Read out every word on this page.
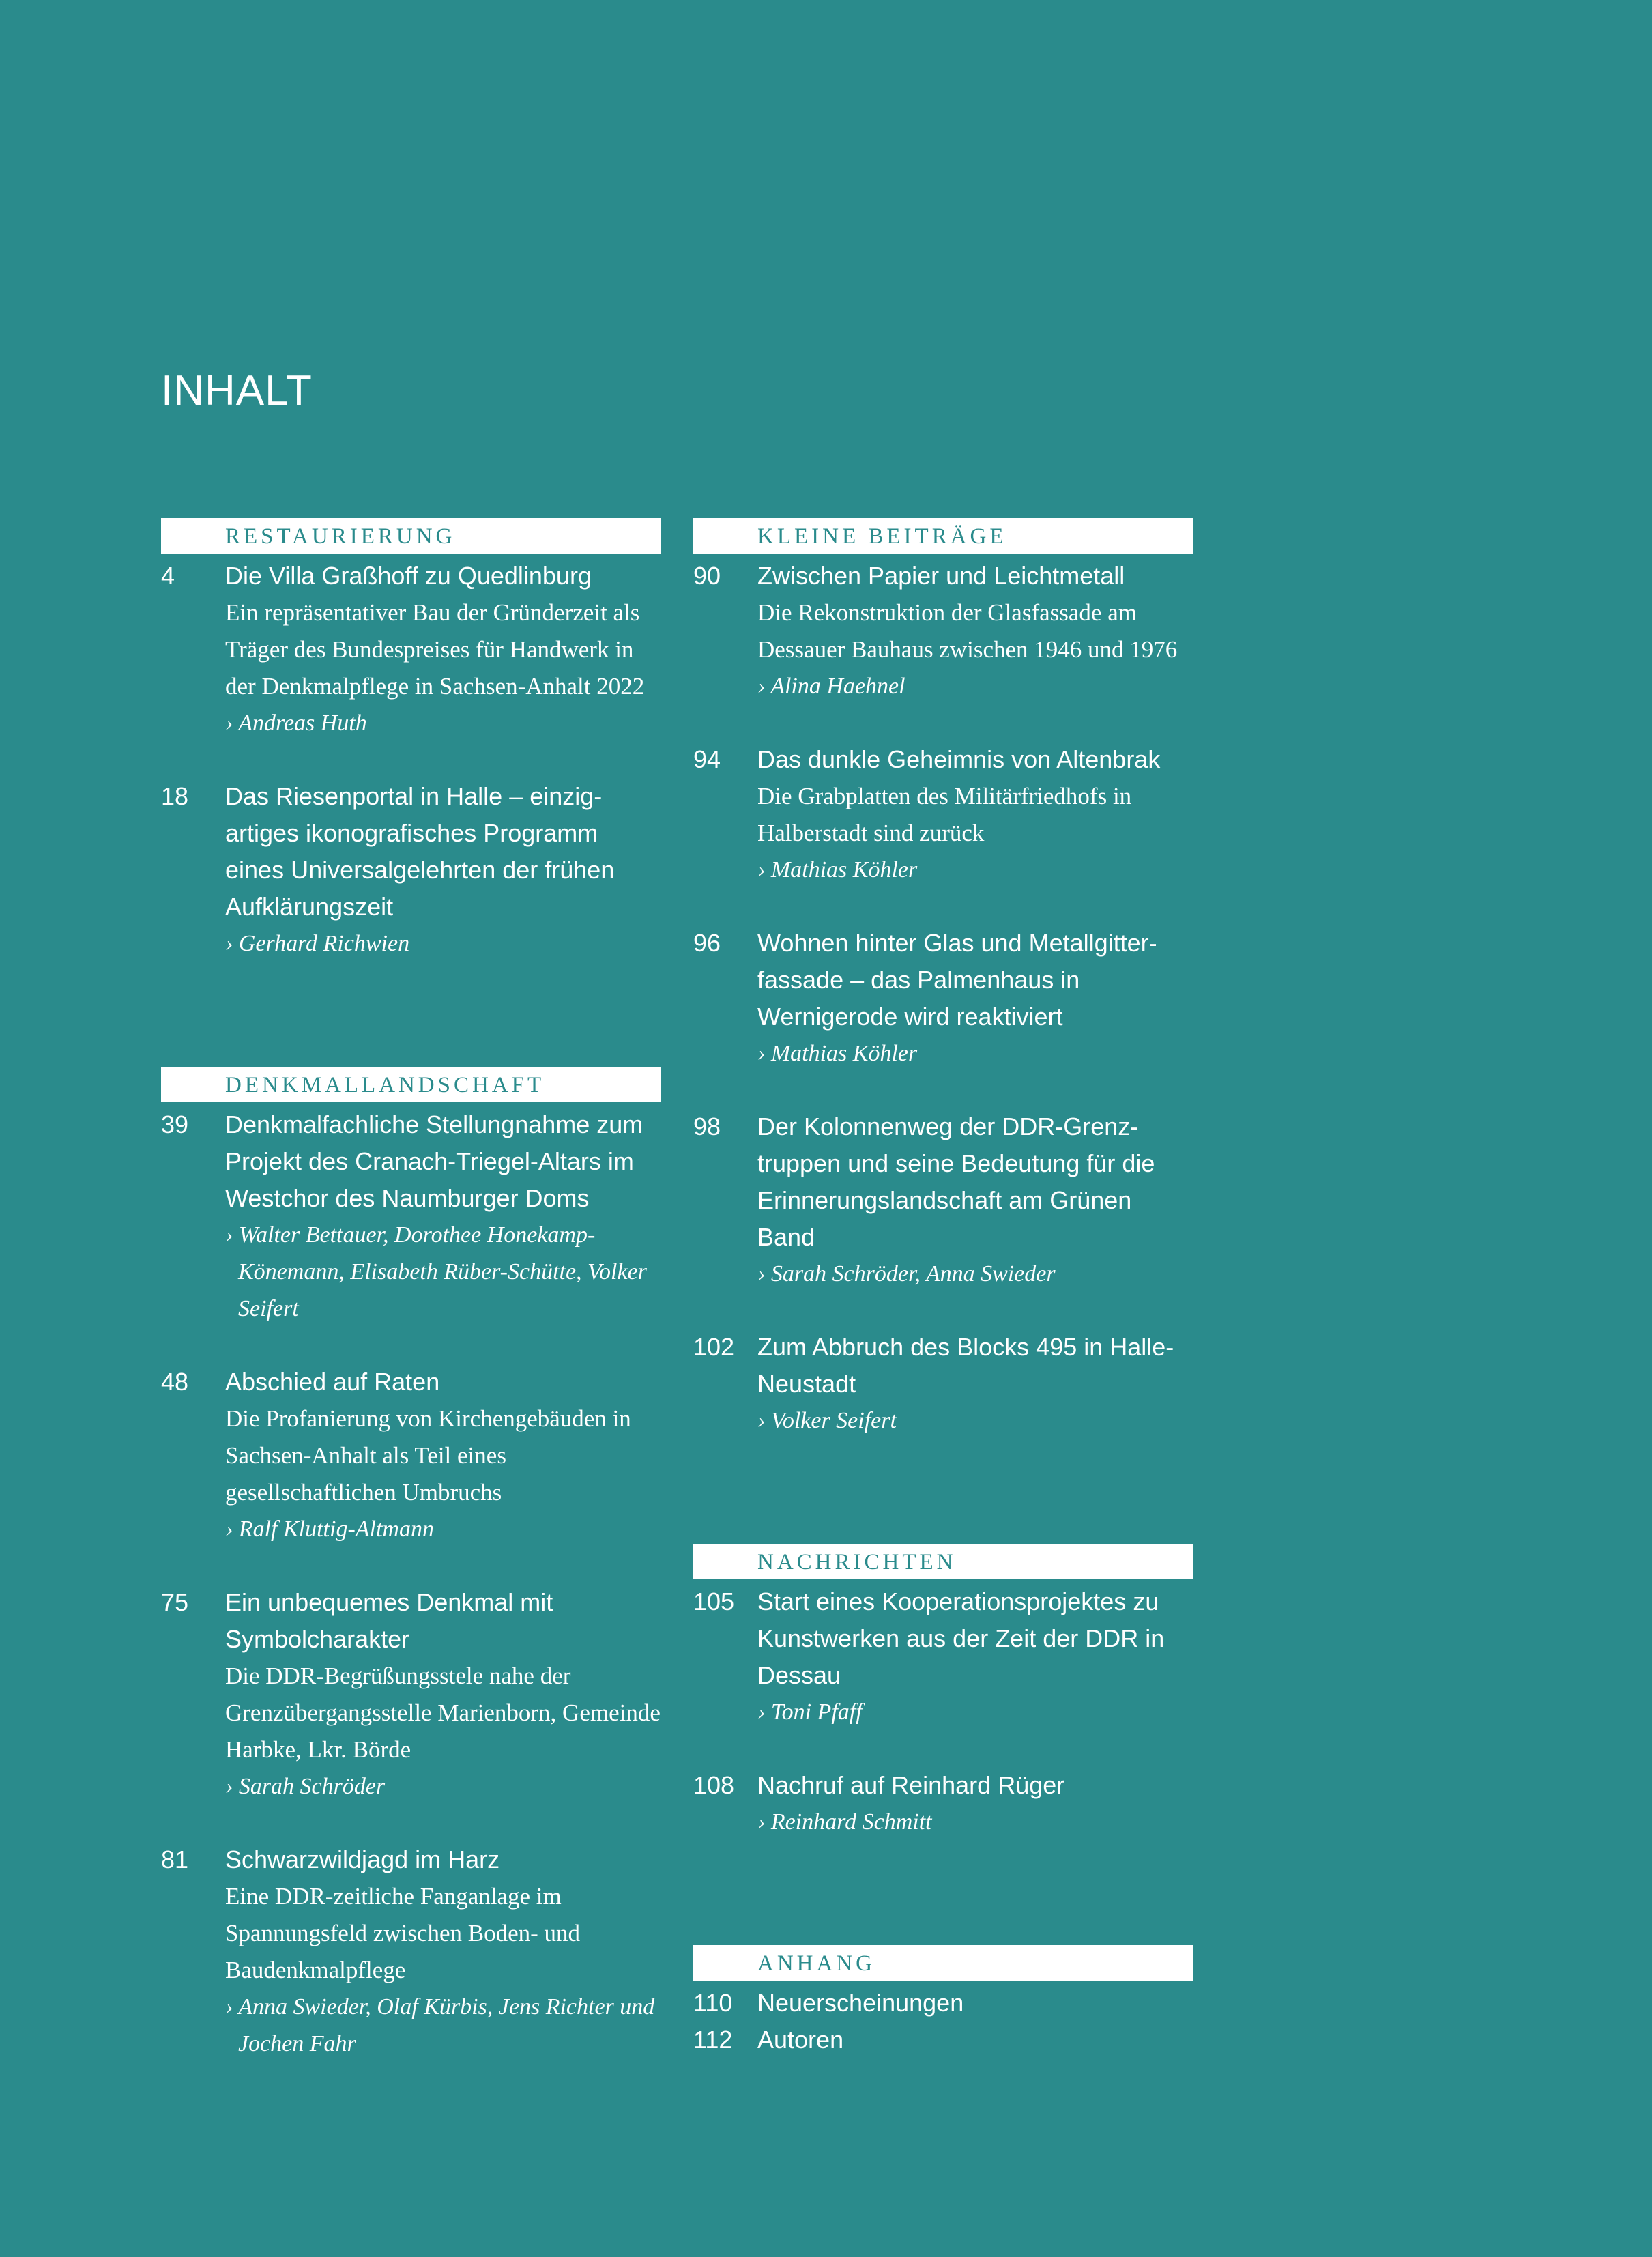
INHALT
RESTAURIERUNG
4 Die Villa Graßhoff zu Quedlinburg
Ein repräsentativer Bau der Gründerzeit als Träger des Bundespreises für Handwerk in der Denkmalpflege in Sachsen-Anhalt 2022
› Andreas Huth
18 Das Riesenportal in Halle – einzig-artiges ikonografisches Programm eines Universalgelehrten der frühen Aufklärungszeit
› Gerhard Richwien
DENKMALLANDSCHAFT
39 Denkmalfachliche Stellungnahme zum Projekt des Cranach-Triegel-Altars im Westchor des Naumburger Doms
› Walter Bettauer, Dorothee Honekamp-Könemann, Elisabeth Rüber-Schütte, Volker Seifert
48 Abschied auf Raten
Die Profanierung von Kirchengebäuden in Sachsen-Anhalt als Teil eines gesellschaftlichen Umbruchs
› Ralf Kluttig-Altmann
75 Ein unbequemes Denkmal mit Symbolcharakter
Die DDR-Begrüßungsstele nahe der Grenzübergangsstelle Marienborn, Gemeinde Harbke, Lkr. Börde
› Sarah Schröder
81 Schwarzwildjagd im Harz
Eine DDR-zeitliche Fanganlage im Spannungsfeld zwischen Boden- und Baudenkmalpflege
› Anna Swieder, Olaf Kürbis, Jens Richter und Jochen Fahr
KLEINE BEITRÄGE
90 Zwischen Papier und Leichtmetall
Die Rekonstruktion der Glasfassade am Dessauer Bauhaus zwischen 1946 und 1976
› Alina Haehnel
94 Das dunkle Geheimnis von Altenbrak
Die Grabplatten des Militärfriedhofs in Halberstadt sind zurück
› Mathias Köhler
96 Wohnen hinter Glas und Metallgitter-fassade – das Palmenhaus in Wernigerode wird reaktiviert
› Mathias Köhler
98 Der Kolonnenweg der DDR-Grenz-truppen und seine Bedeutung für die Erinnerungslandschaft am Grünen Band
› Sarah Schröder, Anna Swieder
102 Zum Abbruch des Blocks 495 in Halle-Neustadt
› Volker Seifert
NACHRICHTEN
105 Start eines Kooperationsprojektes zu Kunstwerken aus der Zeit der DDR in Dessau
› Toni Pfaff
108 Nachruf auf Reinhard Rüger
› Reinhard Schmitt
ANHANG
110 Neuerscheinungen
112 Autoren
